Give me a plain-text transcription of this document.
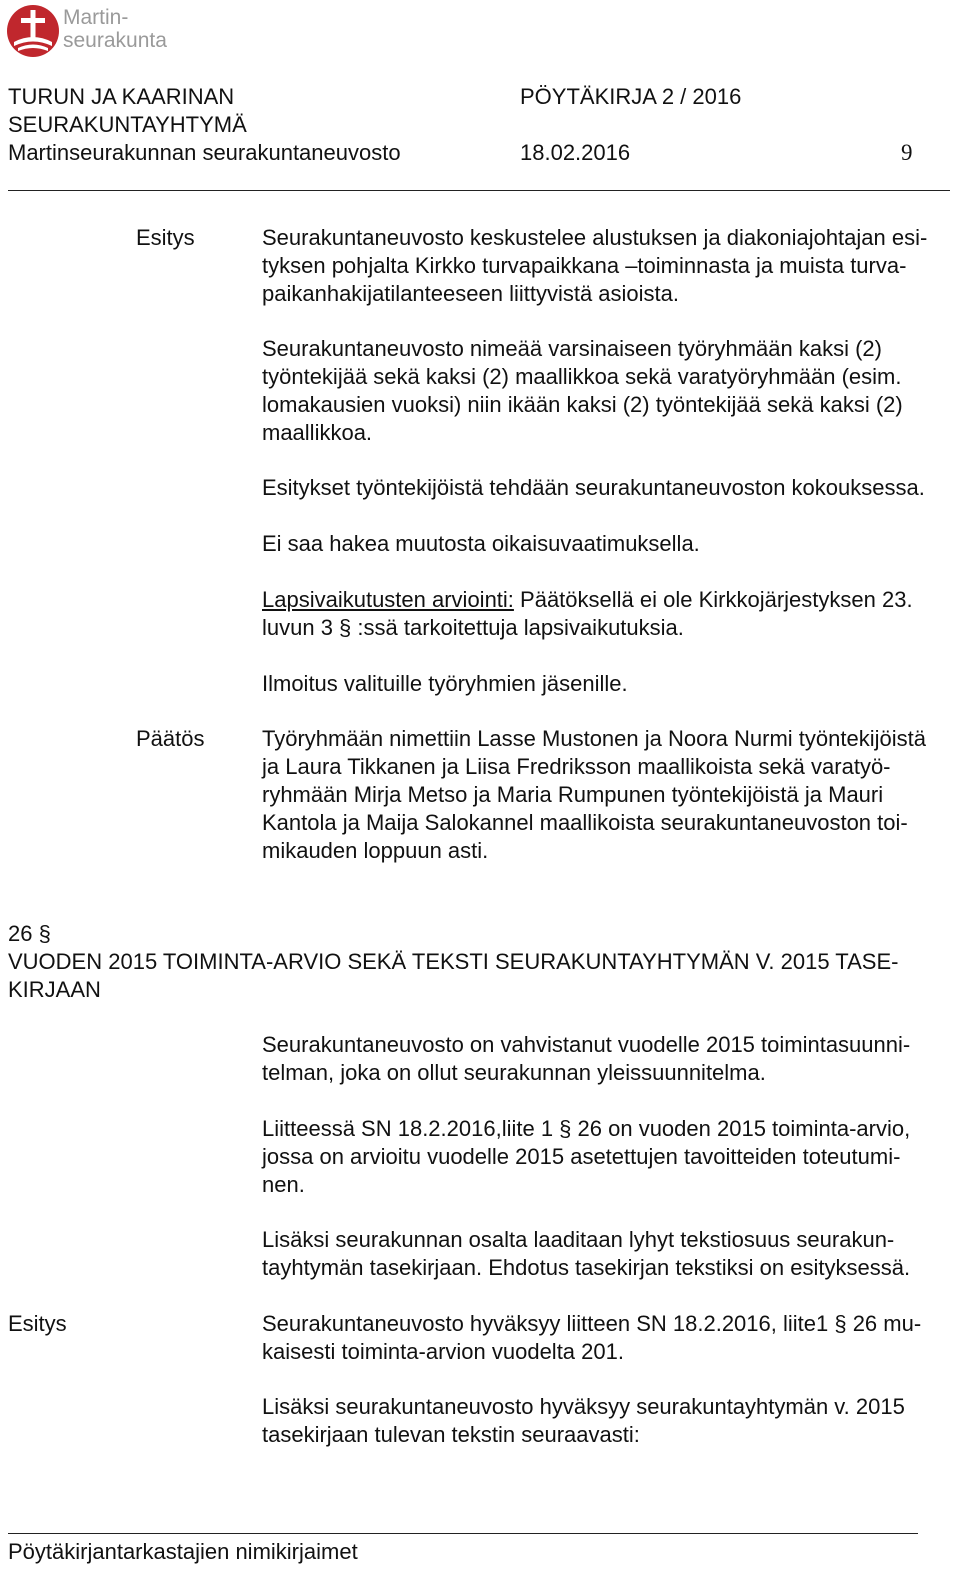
Martin-
seurakunta
TURUN JA KAARINAN
SEURAKUNTAYHTYMÄ
Martinseurakunnan seurakuntaneuvosto
PÖYTÄKIRJA 2 / 2016
18.02.2016	9
Esitys	Seurakuntaneuvosto keskustelee alustuksen ja diakoniajohtajan esi-
tyksen pohjalta Kirkko turvapaikkana –toiminnasta ja muista turva-
paikanhakijatilanteeseen liittyvistä asioista.
Seurakuntaneuvosto nimeää varsinaiseen työryhmään kaksi (2)
työntekijää sekä kaksi (2) maallikkoa sekä varatyöryhmään (esim.
lomakausien vuoksi) niin ikään kaksi (2) työntekijää sekä kaksi (2)
maallikkoa.
Esitykset työntekijöistä tehdään seurakuntaneuvoston kokouksessa.
Ei saa hakea muutosta oikaisuvaatimuksella.
Lapsivaikutusten arviointi: Päätöksellä ei ole Kirkkojärjestyksen 23.
luvun 3 § :ssä tarkoitettuja lapsivaikutuksia.
Ilmoitus valituille työryhmien jäsenille.
Päätös	Työryhmään nimettiin Lasse Mustonen ja Noora Nurmi työntekijöistä
ja Laura Tikkanen ja Liisa Fredriksson maallikoista sekä varatyö-
ryhmään Mirja Metso ja Maria Rumpunen työntekijöistä ja Mauri
Kantola ja Maija Salokannel maallikoista seurakuntaneuvoston toi-
mikauden loppuun asti.
26 §
VUODEN 2015 TOIMINTA-ARVIO SEKÄ TEKSTI SEURAKUNTAYHTYMÄN V. 2015 TASE-
KIRJAAN
Seurakuntaneuvosto on vahvistanut vuodelle 2015 toimintasuunni-
telman, joka on ollut seurakunnan yleissuunnitelma.
Liitteessä SN 18.2.2016,liite 1 § 26 on vuoden 2015 toiminta-arvio,
jossa on arvioitu vuodelle 2015 asetettujen tavoitteiden toteutumi-
nen.
Lisäksi seurakunnan osalta laaditaan lyhyt tekstiosuus seurakun-
tayhtymän tasekirjaan. Ehdotus tasekirjan tekstiksi on esityksessä.
Esitys	Seurakuntaneuvosto hyväksyy liitteen SN 18.2.2016, liite1 § 26 mu-
kaisesti toiminta-arvion vuodelta 201.
Lisäksi seurakuntaneuvosto hyväksyy seurakuntayhtymän v. 2015
tasekirjaan tulevan tekstin seuraavasti:
Pöytäkirjantarkastajien nimikirjaimet
